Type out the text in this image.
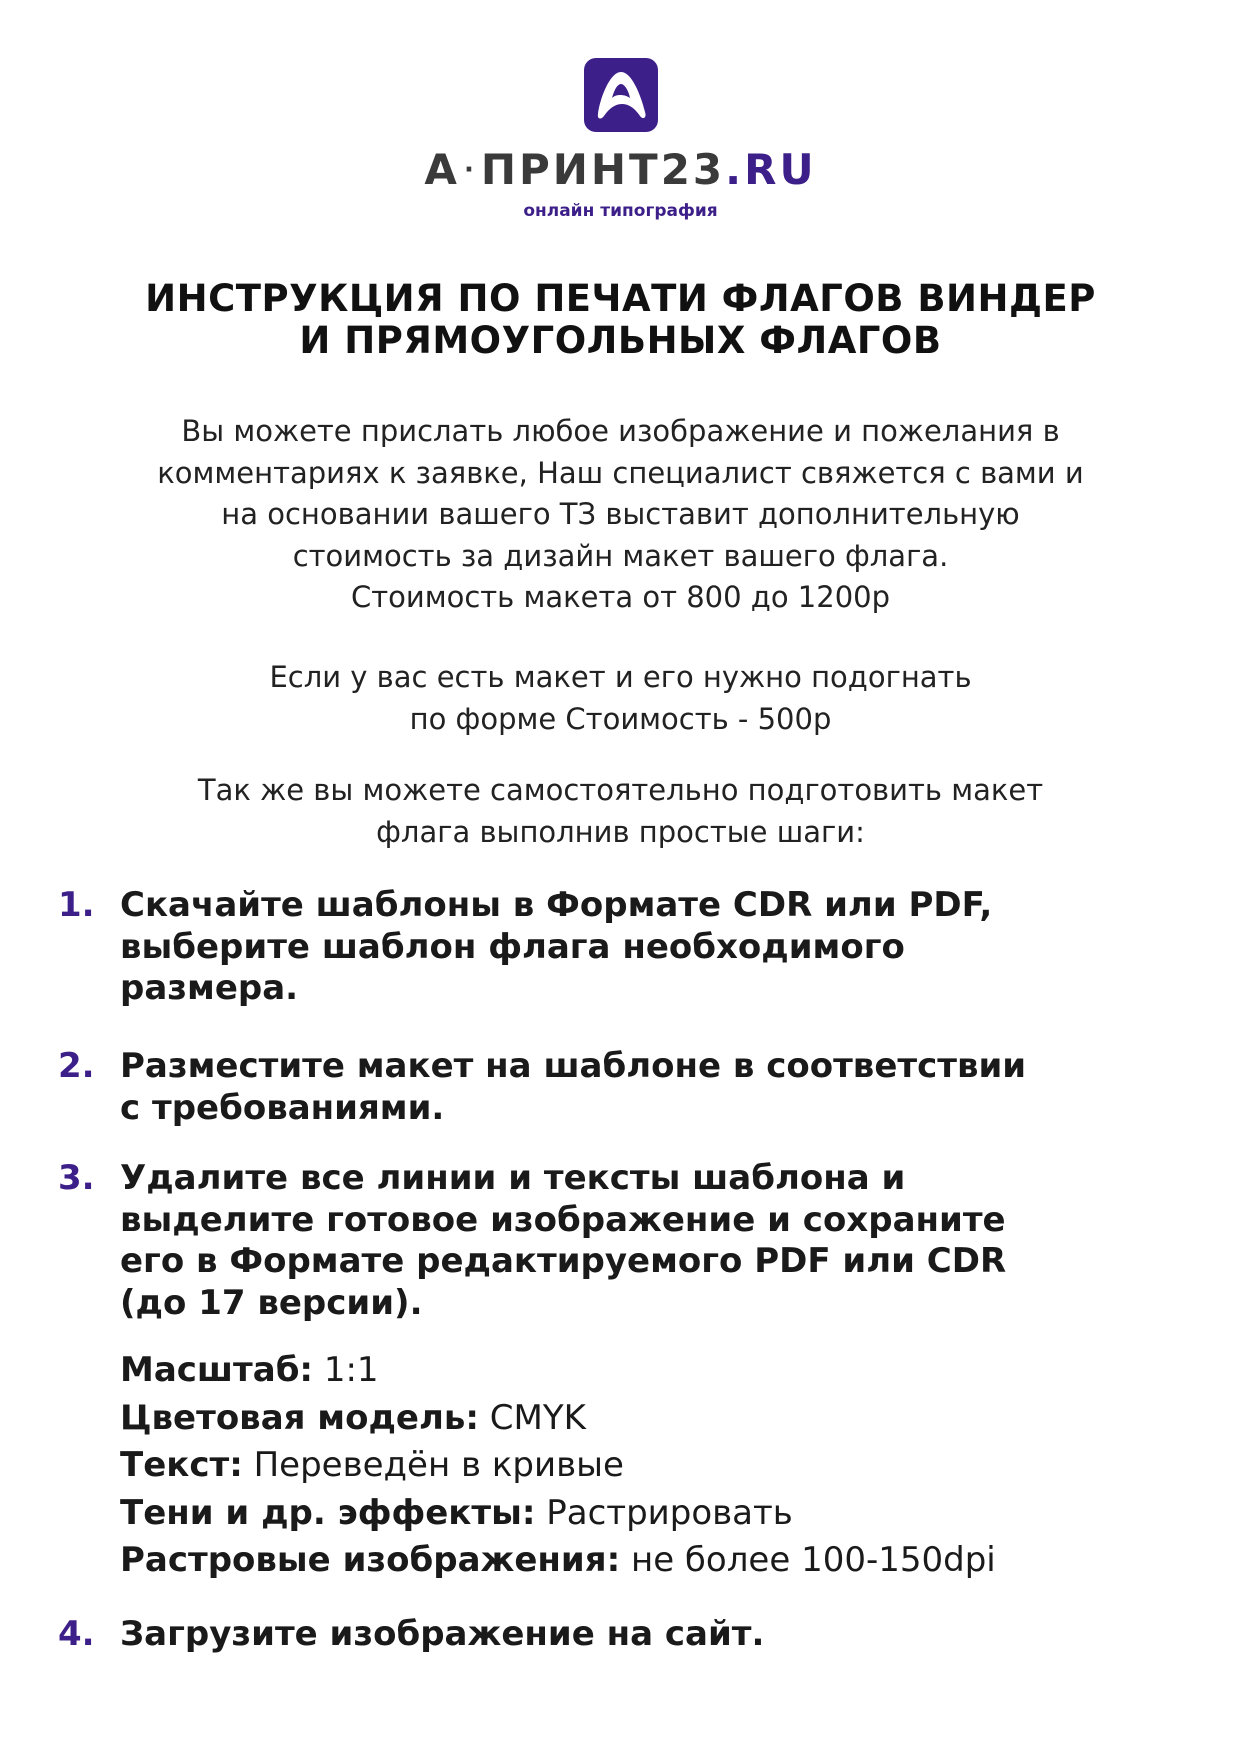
А ·ПРИНТ23.RU
онлайн типография
ИНСТРУКЦИЯ ПО ПЕЧАТИ ФЛАГОВ ВИНДЕР
И ПРЯМОУГОЛЬНЫХ ФЛАГОВ
Вы можете прислать любое изображение и пожелания в
комментариях к заявке, Наш специалист свяжется с вами и
на основании вашего ТЗ выставит дополнительную
стоимость за дизайн макет вашего флага.
Стоимость макета от 800 до 1200р
Если у вас есть макет и его нужно подогнать
по форме Стоимость - 500р
Так же вы можете самостоятельно подготовить макет
флага выполнив простые шаги:
1. Скачайте шаблоны в Формате CDR или PDF,
выберите шаблон флага необходимого
размера.
2. Разместите макет на шаблоне в соответствии
с требованиями.
3. Удалите все линии и тексты шаблона и
выделите готовое изображение и сохраните
его в Формате редактируемого PDF или CDR
(до 17 версии).
Масштаб: 1:1
Цветовая модель: CMYK
Текст: Переведён в кривые
Тени и др. эффекты: Растрировать
Растровые изображения: не более 100-150dpi
4. Загрузите изображение на сайт.
